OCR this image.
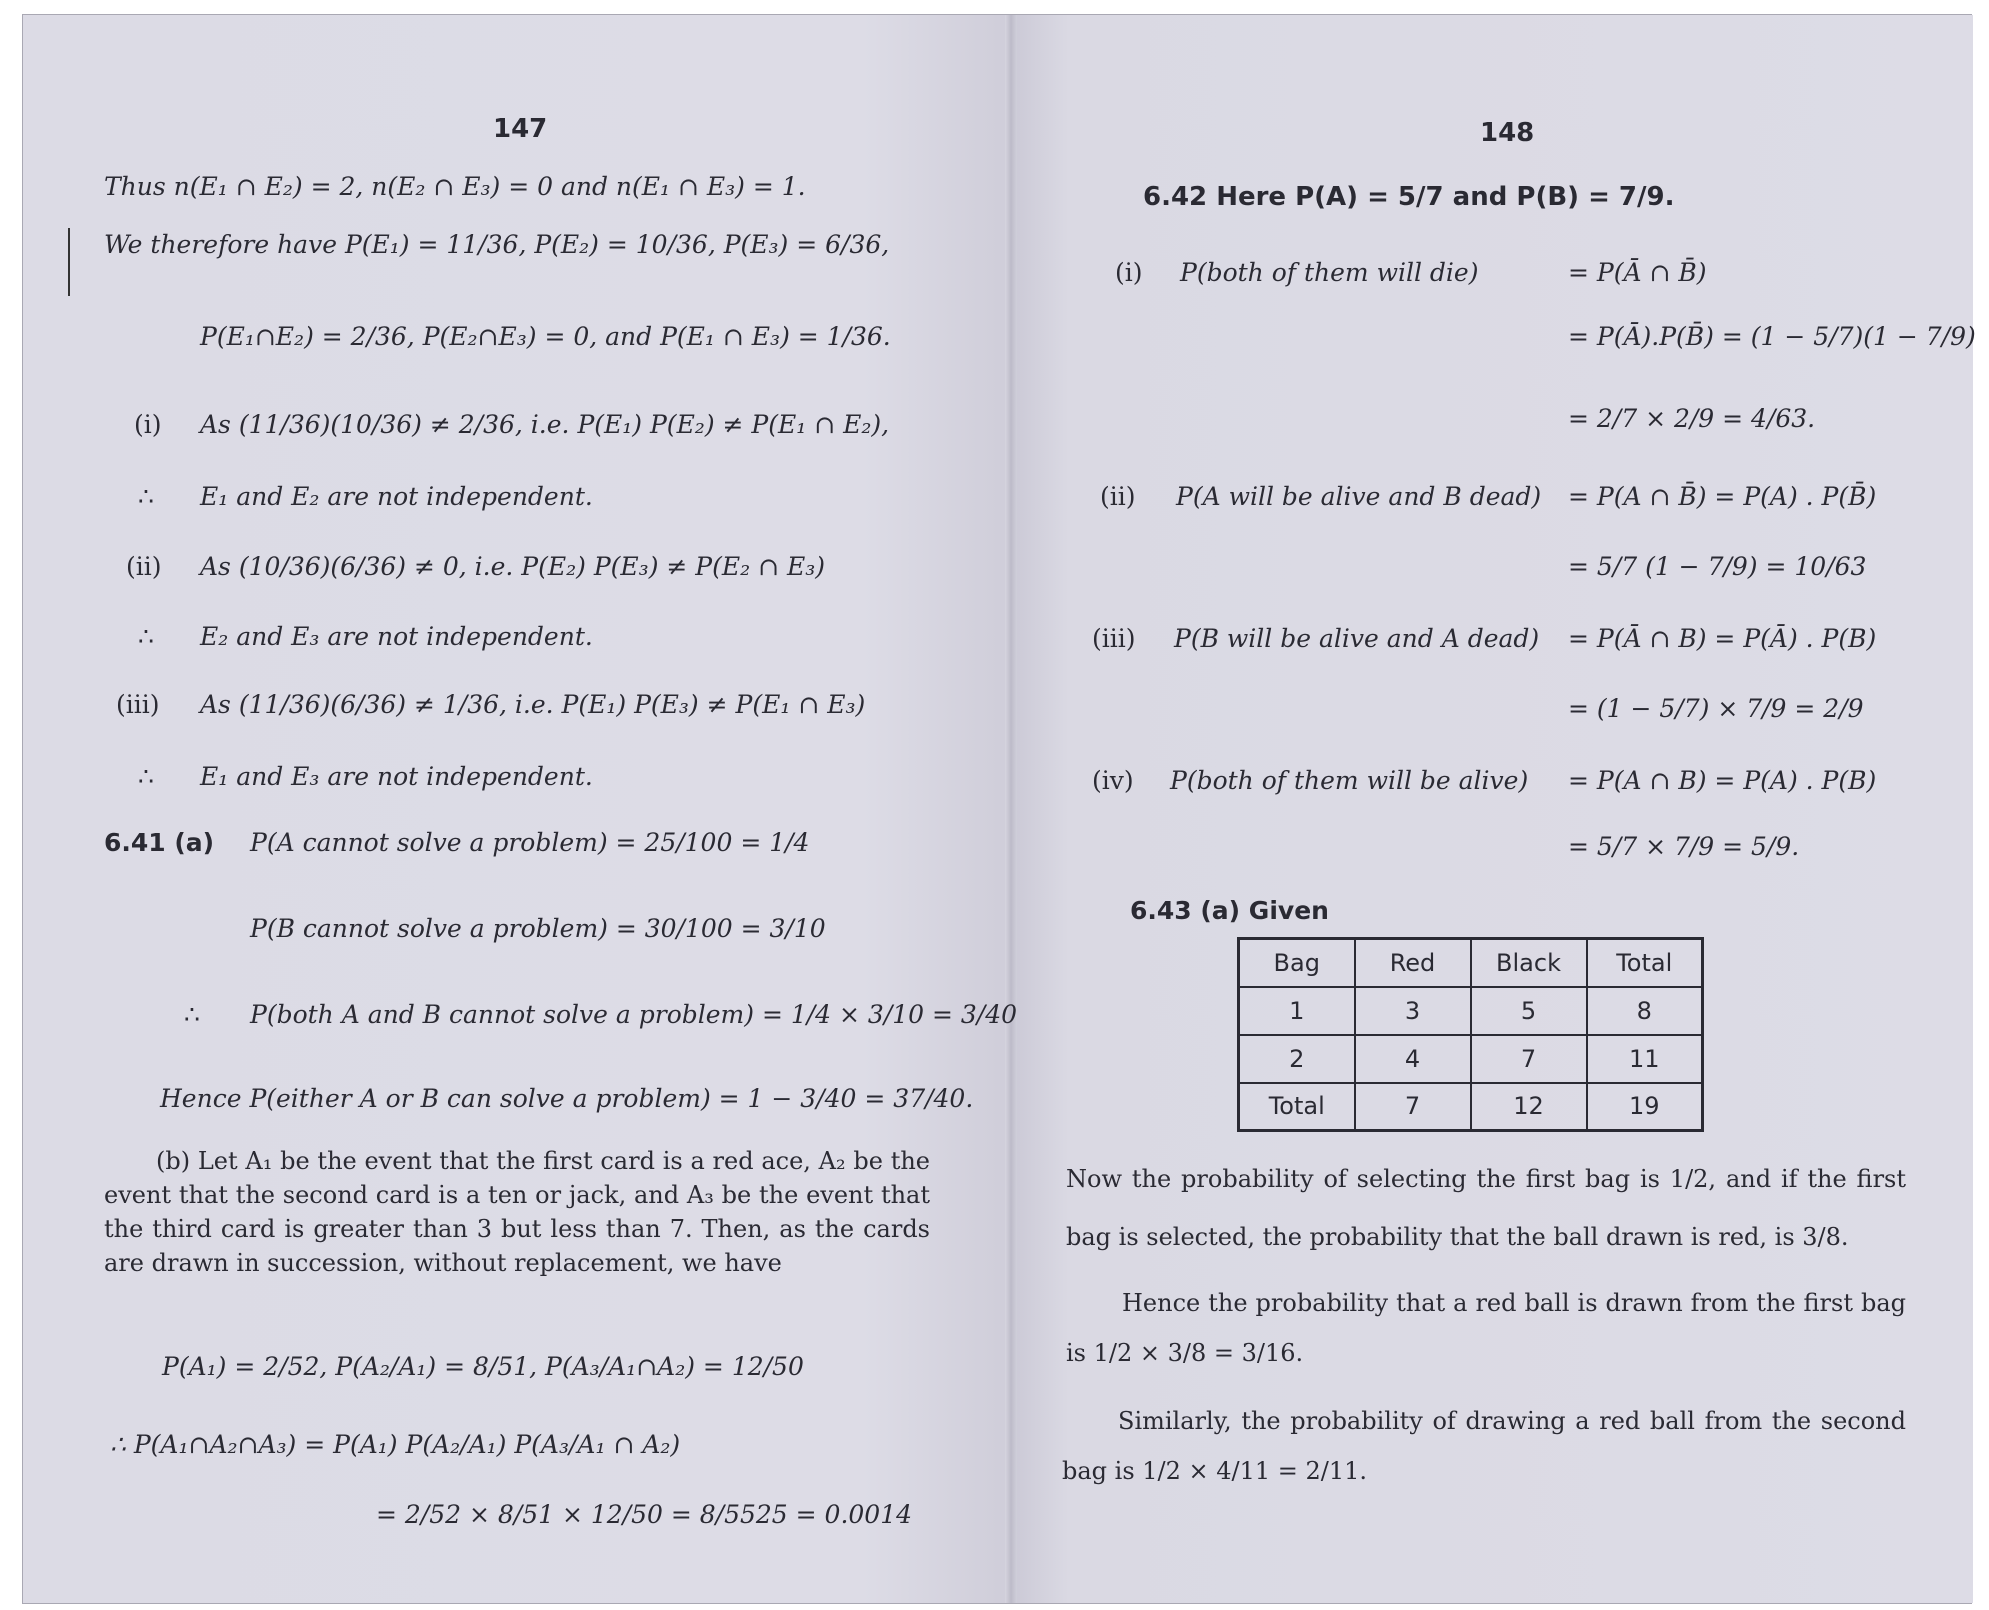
147
Thus n(E₁ ∩ E₂) = 2, n(E₂ ∩ E₃) = 0 and n(E₁ ∩ E₃) = 1.
We therefore have P(E₁) = 11/36, P(E₂) = 10/36, P(E₃) = 6/36,
P(E₁∩E₂) = 2/36, P(E₂∩E₃) = 0, and P(E₁ ∩ E₃) = 1/36.
(i) As (11/36)(10/36) ≠ 2/36, i.e. P(E₁) P(E₂) ≠ P(E₁ ∩ E₂),
∴ E₁ and E₂ are not independent.
(ii) As (10/36)(6/36) ≠ 0, i.e. P(E₂) P(E₃) ≠ P(E₂ ∩ E₃)
∴ E₂ and E₃ are not independent.
(iii) As (11/36)(6/36) ≠ 1/36, i.e. P(E₁) P(E₃) ≠ P(E₁ ∩ E₃)
∴ E₁ and E₃ are not independent.
6.41 (a) P(A cannot solve a problem) = 25/100 = 1/4
P(B cannot solve a problem) = 30/100 = 3/10
∴ P(both A and B cannot solve a problem) = 1/4 × 3/10 = 3/40
Hence P(either A or B can solve a problem) = 1 − 3/40 = 37/40.
(b) Let A₁ be the event that the first card is a red ace, A₂ be the event that the second card is a ten or jack, and A₃ be the event that the third card is greater than 3 but less than 7. Then, as the cards are drawn in succession, without replacement, we have
P(A₁) = 2/52, P(A₂/A₁) = 8/51, P(A₃/A₁∩A₂) = 12/50
∴ P(A₁∩A₂∩A₃) = P(A₁) P(A₂/A₁) P(A₃/A₁ ∩ A₂)
= 2/52 × 8/51 × 12/50 = 8/5525 = 0.0014
148
6.42 Here P(A) = 5/7 and P(B) = 7/9.
(i) P(both of them will die)	= P(Ā ∩ B̄)
= P(Ā).P(B̄) = (1 − 5/7)(1 − 7/9)
= 2/7 × 2/9 = 4/63.
(ii) P(A will be alive and B dead) = P(A ∩ B̄) = P(A) . P(B̄)
= 5/7 (1 − 7/9) = 10/63
(iii) P(B will be alive and A dead) = P(Ā ∩ B) = P(Ā) . P(B)
= (1 − 5/7) × 7/9 = 2/9
(iv) P(both of them will be alive) = P(A ∩ B) = P(A) . P(B)
= 5/7 × 7/9 = 5/9.
6.43 (a) Given
Bag	Red	Black	Total
1	3	5	8
2	4	7	11
Total	7	12	19
Now the probability of selecting the first bag is 1/2, and if the first bag is selected, the probability that the ball drawn is red, is 3/8.
Hence the probability that a red ball is drawn from the first bag is 1/2 × 3/8 = 3/16.
Similarly, the probability of drawing a red ball from the second bag is 1/2 × 4/11 = 2/11.
